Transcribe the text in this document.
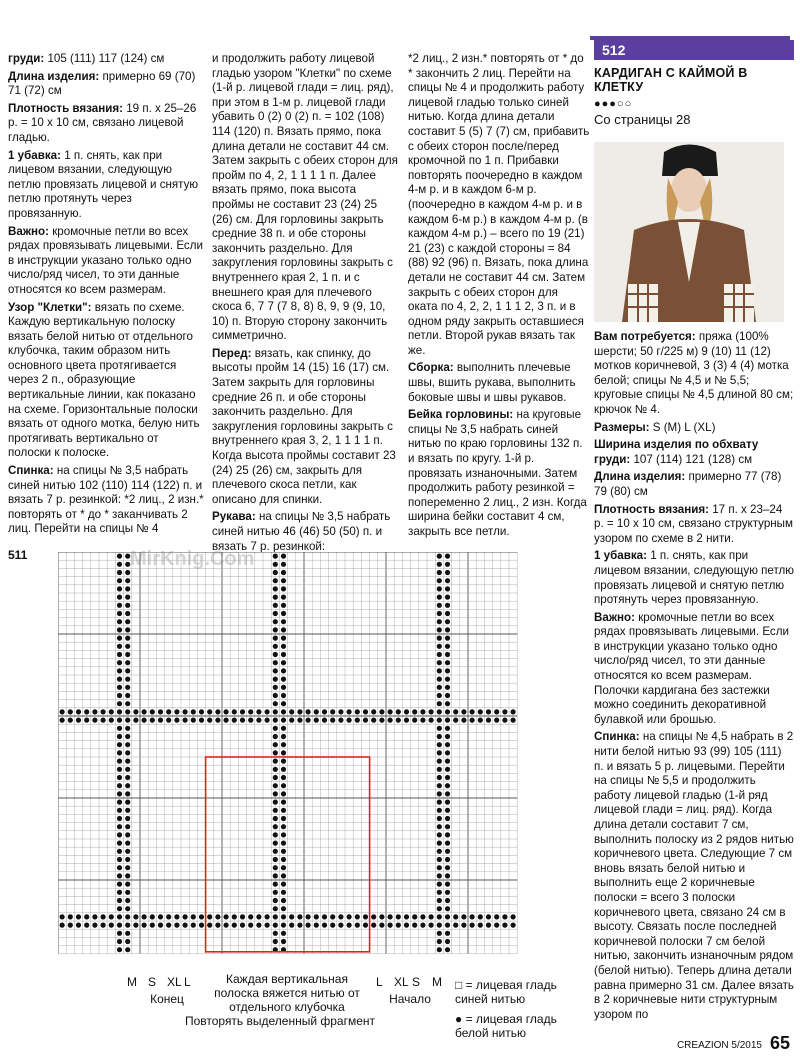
груди: 105 (111) 117 (124) см

Длина изделия: примерно 69 (70) 71 (72) см

Плотность вязания: 19 п. x 25–26 р. = 10 x 10 см, связано лицевой гладью.

1 убавка: 1 п. снять, как при лицевом вязании, следующую петлю провязать лицевой и снятую петлю протянуть через провязанную.

Важно: кромочные петли во всех рядах провязывать лицевыми. Если в инструкции указано только одно число/ряд чисел, то эти данные относятся ко всем размерам.

Узор "Клетки": вязать по схеме. Каждую вертикальную полоску вязать белой нитью от отдельного клубочка, таким образом нить основного цвета протягивается через 2 п., образующие вертикальные линии, как показано на схеме. Горизонтальные полоски вязать от одного мотка, белую нить протягивать вертикально от полоски к полоске.

Спинка: на спицы № 3,5 набрать синей нитью 102 (110) 114 (122) п. и вязать 7 р. резинкой: *2 лиц., 2 изн.* повторять от * до * заканчивать 2 лиц. Перейти на спицы № 4

и продолжить работу лицевой гладью узором "Клетки" по схеме (1-й р. лицевой глади = лиц. ряд), при этом в 1-м р. лицевой глади убавить 0 (2) 0 (2) п. = 102 (108) 114 (120) п. Вязать прямо, пока длина детали не составит 44 см. Затем закрыть с обеих сторон для пройм по 4, 2, 1 1 1 1 п. Далее вязать прямо, пока высота проймы не составит 23 (24) 25 (26) см. Для горловины закрыть средние 38 п. и обе стороны закончить раздельно. Для закругления горловины закрыть с внутреннего края 2, 1 п. и с внешнего края для плечевого скоса 6, 7 7 (7 8, 8) 8, 9, 9 (9, 10, 10) п. Вторую сторону закончить симметрично.

Перед: вязать, как спинку, до высоты пройм 14 (15) 16 (17) см. Затем закрыть для горловины средние 26 п. и обе стороны закончить раздельно. Для закругления горловины закрыть с внутреннего края 3, 2, 1 1 1 1 п. Когда высота проймы составит 23 (24) 25 (26) см, закрыть для плечевого скоса петли, как описано для спинки.

Рукава: на спицы № 3,5 набрать синей нитью 46 (46) 50 (50) п. и вязать 7 р. резинкой:

*2 лиц., 2 изн.* повторять от * до * закончить 2 лиц. Перейти на спицы № 4 и продолжить работу лицевой гладью только синей нитью. Когда длина детали составит 5 (5) 7 (7) см, прибавить с обеих сторон после/перед кромочной по 1 п. Прибавки повторять поочередно в каждом 4-м р. и в каждом 6-м р. (поочередно в каждом 4-м р. и в каждом 6-м р.) в каждом 4-м р. (в каждом 4-м р.) – всего по 19 (21) 21 (23) с каждой стороны = 84 (88) 92 (96) п. Вязать, пока длина детали не составит 44 см. Затем закрыть с обеих сторон для оката по 4, 2, 2, 1 1 1 2, 3 п. и в одном ряду закрыть оставшиеся петли. Второй рукав вязать так же.

Сборка: выполнить плечевые швы, вшить рукава, выполнить боковые швы и швы рукавов.

Бейка горловины: на круговые спицы № 3,5 набрать синей нитью по краю горловины 132 п. и вязать по кругу. 1-й р. провязать изнаночными. Затем продолжить работу резинкой = попеременно 2 лиц., 2 изн. Когда ширина бейки составит 4 см, закрыть все петли.

512
КАРДИГАН С КАЙМОЙ В КЛЕТКУ
●●●○○
Со страницы 28

Вам потребуется: пряжа (100% шерсти; 50 г/225 м) 9 (10) 11 (12) мотков коричневой, 3 (3) 4 (4) мотка белой; спицы № 4,5 и № 5,5; круговые спицы № 4,5 длиной 80 см; крючок № 4.

Размеры: S (M) L (XL)

Ширина изделия по обхвату груди: 107 (114) 121 (128) см

Длина изделия: примерно 77 (78) 79 (80) см

Плотность вязания: 17 п. x 23–24 р. = 10 x 10 см, связано структурным узором по схеме в 2 нити.

1 убавка: 1 п. снять, как при лицевом вязании, следующую петлю провязать лицевой и снятую петлю протянуть через провязанную.

Важно: кромочные петли во всех рядах провязывать лицевыми. Если в инструкции указано только одно число/ряд чисел, то эти данные относятся ко всем размерам. Полочки кардигана без застежки можно соединить декоративной булавкой или брошью.

Спинка: на спицы № 4,5 набрать в 2 нити белой нитью 93 (99) 105 (111) п. и вязать 5 р. лицевыми. Перейти на спицы № 5,5 и продолжить работу лицевой гладью (1-й ряд лицевой глади = лиц. ряд). Когда длина детали составит 7 см, выполнить полоску из 2 рядов нитью коричневого цвета. Следующие 7 см вновь вязать белой нитью и выполнить еще 2 коричневые полоски = всего 3 полоски коричневого цвета, связано 24 см в высоту. Связать после последней коричневой полоски 7 см белой нитью, закончить изнаночным рядом (белой нитью). Теперь длина детали равна примерно 31 см. Далее вязать в 2 коричневые нити структурным узором по

511	MirKnig.Com
M S XL L	L XL S M
Конец	Начало
Каждая вертикальная полоска вяжется нитью от отдельного клубочка
Повторять выделенный фрагмент
□ = лицевая гладь синей нитью
● = лицевая гладь белой нитью
CREAZION 5/2015 65
